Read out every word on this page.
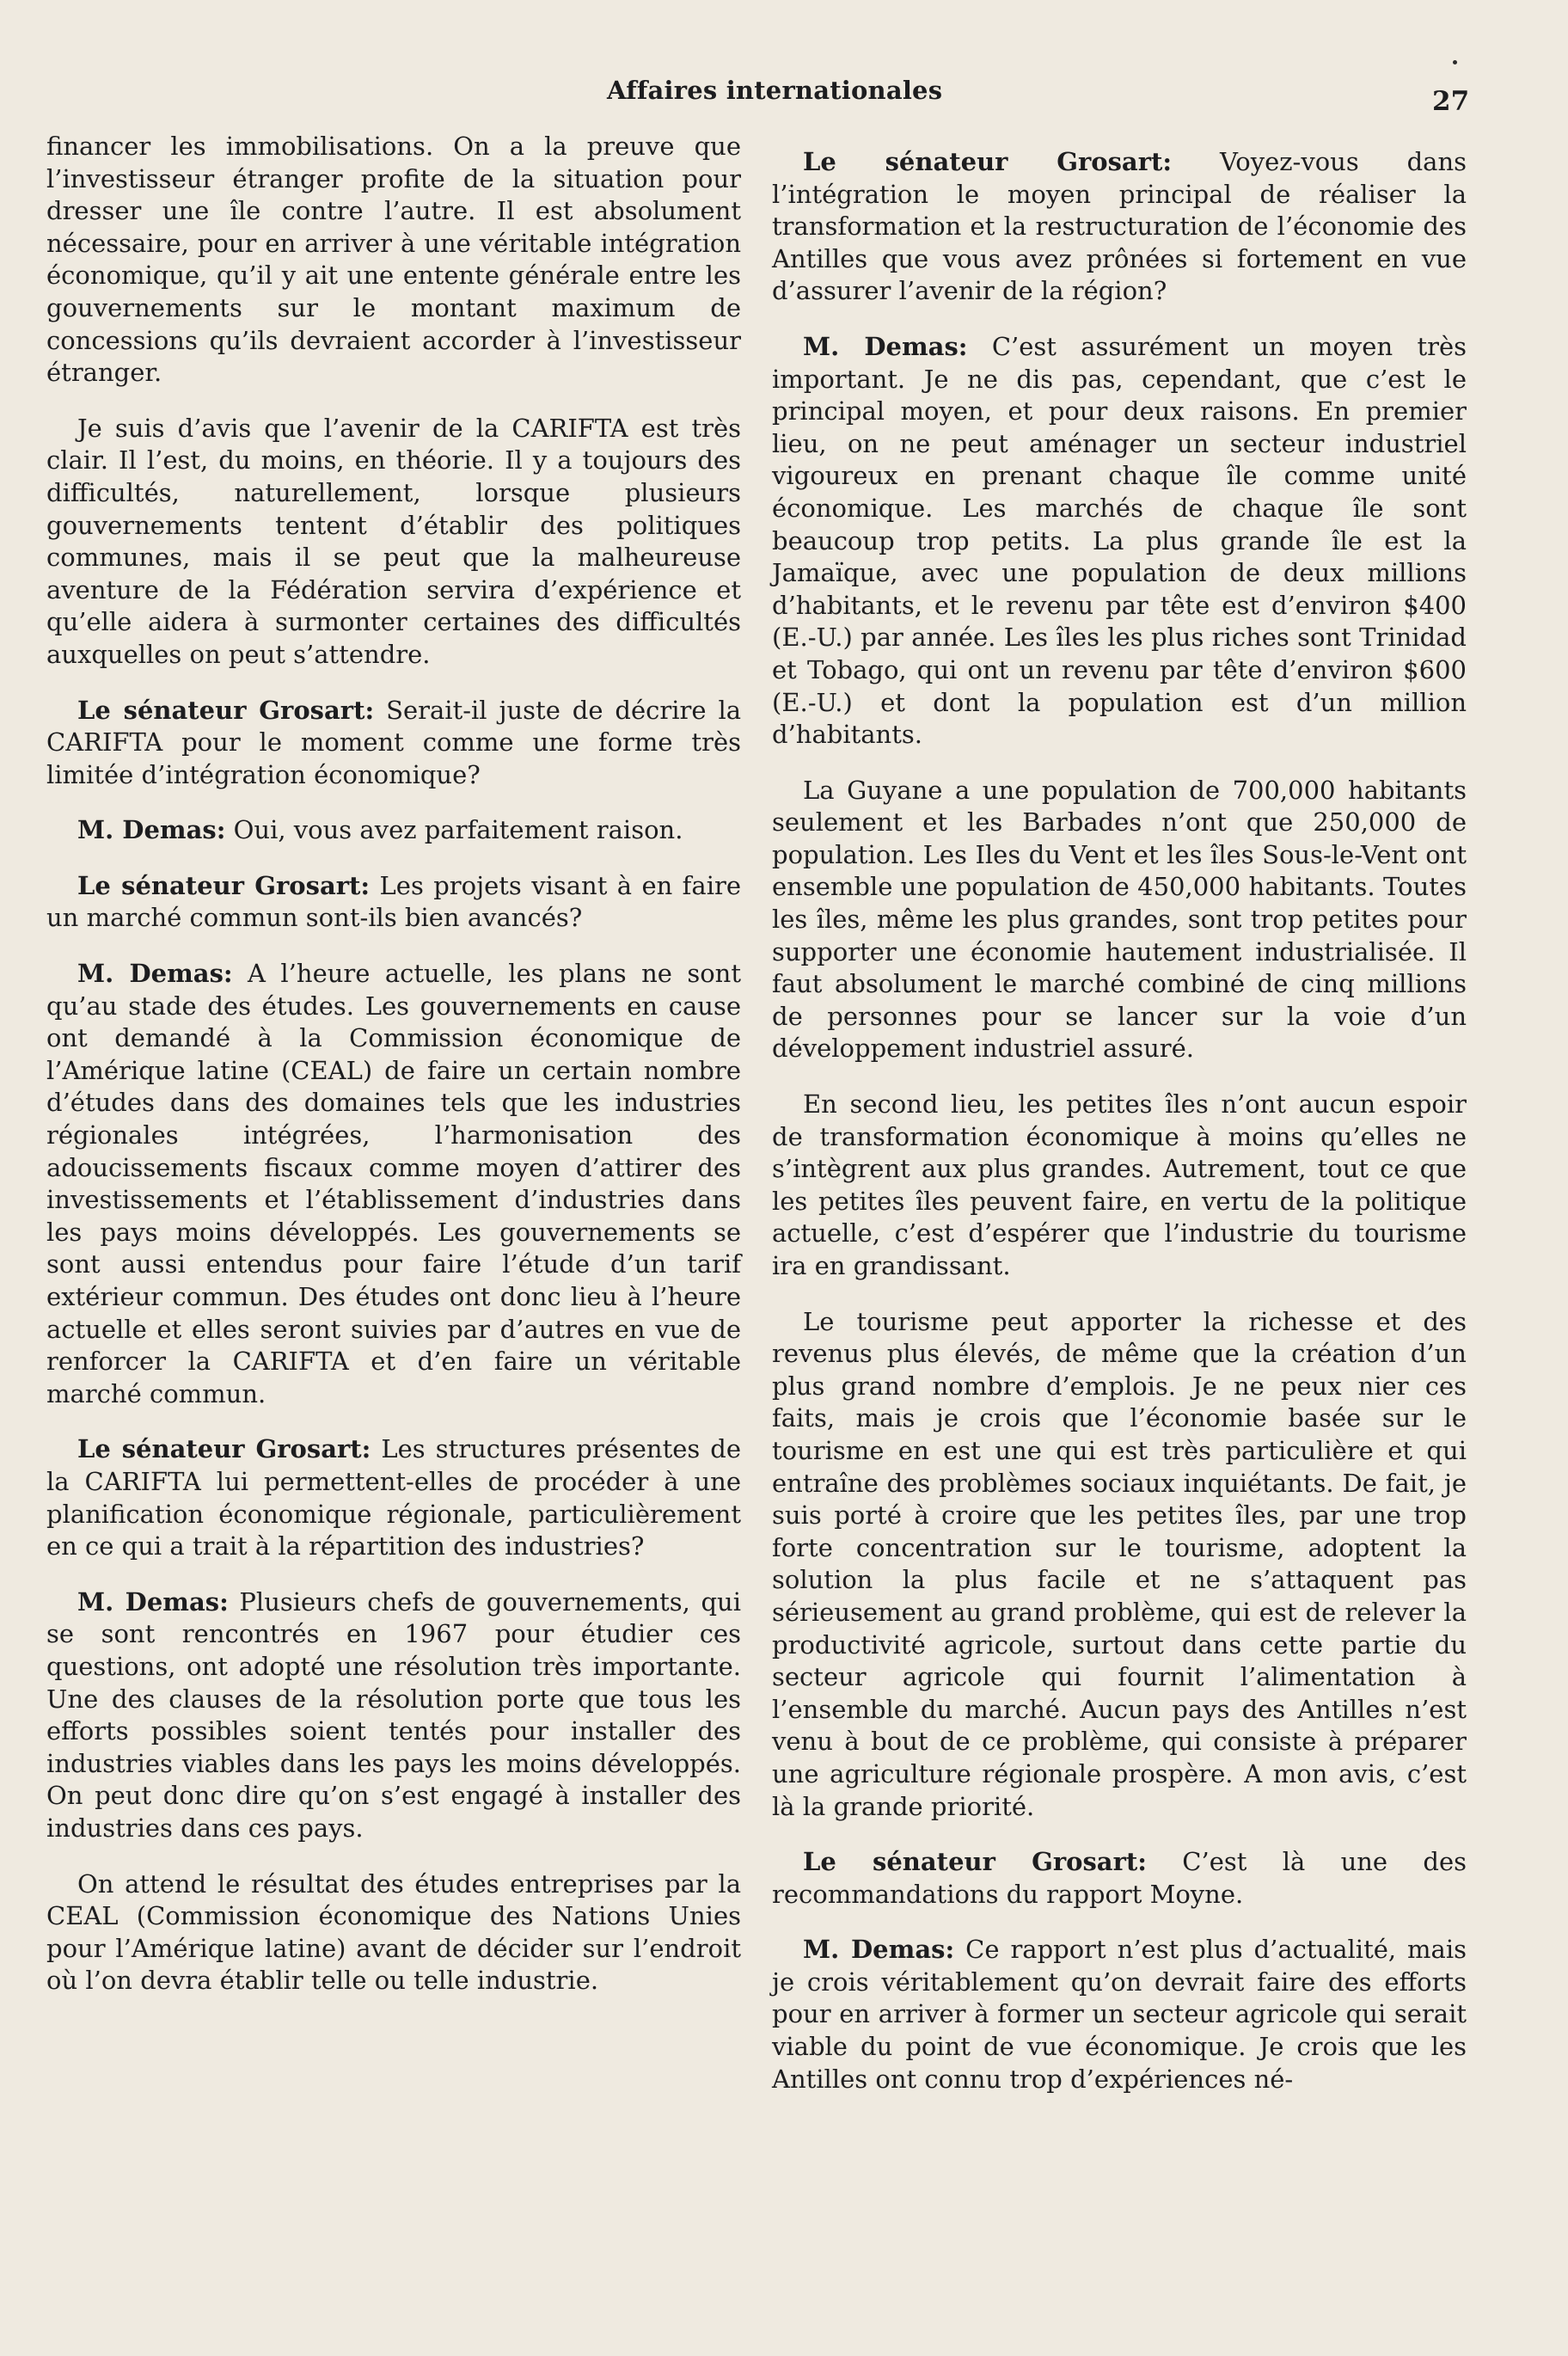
Affaires internationales	27

financer les immobilisations. On a la preuve que l’investisseur étranger profite de la situation pour dresser une île contre l’autre. Il est absolument nécessaire, pour en arriver à une véritable intégration économique, qu’il y ait une entente générale entre les gouvernements sur le montant maximum de concessions qu’ils devraient accorder à l’investisseur étranger.

Je suis d’avis que l’avenir de la CARIFTA est très clair. Il l’est, du moins, en théorie. Il y a toujours des difficultés, naturellement, lorsque plusieurs gouvernements tentent d’établir des politiques communes, mais il se peut que la malheureuse aventure de la Fédération servira d’expérience et qu’elle aidera à surmonter certaines des difficultés auxquelles on peut s’attendre.

Le sénateur Grosart: Serait-il juste de décrire la CARIFTA pour le moment comme une forme très limitée d’intégration économique?

M. Demas: Oui, vous avez parfaitement raison.

Le sénateur Grosart: Les projets visant à en faire un marché commun sont-ils bien avancés?

M. Demas: A l’heure actuelle, les plans ne sont qu’au stade des études. Les gouvernements en cause ont demandé à la Commission économique de l’Amérique latine (CEAL) de faire un certain nombre d’études dans des domaines tels que les industries régionales intégrées, l’harmonisation des adoucissements fiscaux comme moyen d’attirer des investissements et l’établissement d’industries dans les pays moins développés. Les gouvernements se sont aussi entendus pour faire l’étude d’un tarif extérieur commun. Des études ont donc lieu à l’heure actuelle et elles seront suivies par d’autres en vue de renforcer la CARIFTA et d’en faire un véritable marché commun.

Le sénateur Grosart: Les structures présentes de la CARIFTA lui permettent-elles de procéder à une planification économique régionale, particulièrement en ce qui a trait à la répartition des industries?

M. Demas: Plusieurs chefs de gouvernements, qui se sont rencontrés en 1967 pour étudier ces questions, ont adopté une résolution très importante. Une des clauses de la résolution porte que tous les efforts possibles soient tentés pour installer des industries viables dans les pays les moins développés. On peut donc dire qu’on s’est engagé à installer des industries dans ces pays.

On attend le résultat des études entreprises par la CEAL (Commission économique des Nations Unies pour l’Amérique latine) avant de décider sur l’endroit où l’on devra établir telle ou telle industrie.

Le sénateur Grosart: Voyez-vous dans l’intégration le moyen principal de réaliser la transformation et la restructuration de l’économie des Antilles que vous avez prônées si fortement en vue d’assurer l’avenir de la région?

M. Demas: C’est assurément un moyen très important. Je ne dis pas, cependant, que c’est le principal moyen, et pour deux raisons. En premier lieu, on ne peut aménager un secteur industriel vigoureux en prenant chaque île comme unité économique. Les marchés de chaque île sont beaucoup trop petits. La plus grande île est la Jamaïque, avec une population de deux millions d’habitants, et le revenu par tête est d’environ $400 (E.-U.) par année. Les îles les plus riches sont Trinidad et Tobago, qui ont un revenu par tête d’environ $600 (E.-U.) et dont la population est d’un million d’habitants.

La Guyane a une population de 700,000 habitants seulement et les Barbades n’ont que 250,000 de population. Les Iles du Vent et les îles Sous-le-Vent ont ensemble une population de 450,000 habitants. Toutes les îles, même les plus grandes, sont trop petites pour supporter une économie hautement industrialisée. Il faut absolument le marché combiné de cinq millions de personnes pour se lancer sur la voie d’un développement industriel assuré.

En second lieu, les petites îles n’ont aucun espoir de transformation économique à moins qu’elles ne s’intègrent aux plus grandes. Autrement, tout ce que les petites îles peuvent faire, en vertu de la politique actuelle, c’est d’espérer que l’industrie du tourisme ira en grandissant.

Le tourisme peut apporter la richesse et des revenus plus élevés, de même que la création d’un plus grand nombre d’emplois. Je ne peux nier ces faits, mais je crois que l’économie basée sur le tourisme en est une qui est très particulière et qui entraîne des problèmes sociaux inquiétants. De fait, je suis porté à croire que les petites îles, par une trop forte concentration sur le tourisme, adoptent la solution la plus facile et ne s’attaquent pas sérieusement au grand problème, qui est de relever la productivité agricole, surtout dans cette partie du secteur agricole qui fournit l’alimentation à l’ensemble du marché. Aucun pays des Antilles n’est venu à bout de ce problème, qui consiste à préparer une agriculture régionale prospère. A mon avis, c’est là la grande priorité.

Le sénateur Grosart: C’est là une des recommandations du rapport Moyne.

M. Demas: Ce rapport n’est plus d’actualité, mais je crois véritablement qu’on devrait faire des efforts pour en arriver à former un secteur agricole qui serait viable du point de vue économique. Je crois que les Antilles ont connu trop d’expériences né-
